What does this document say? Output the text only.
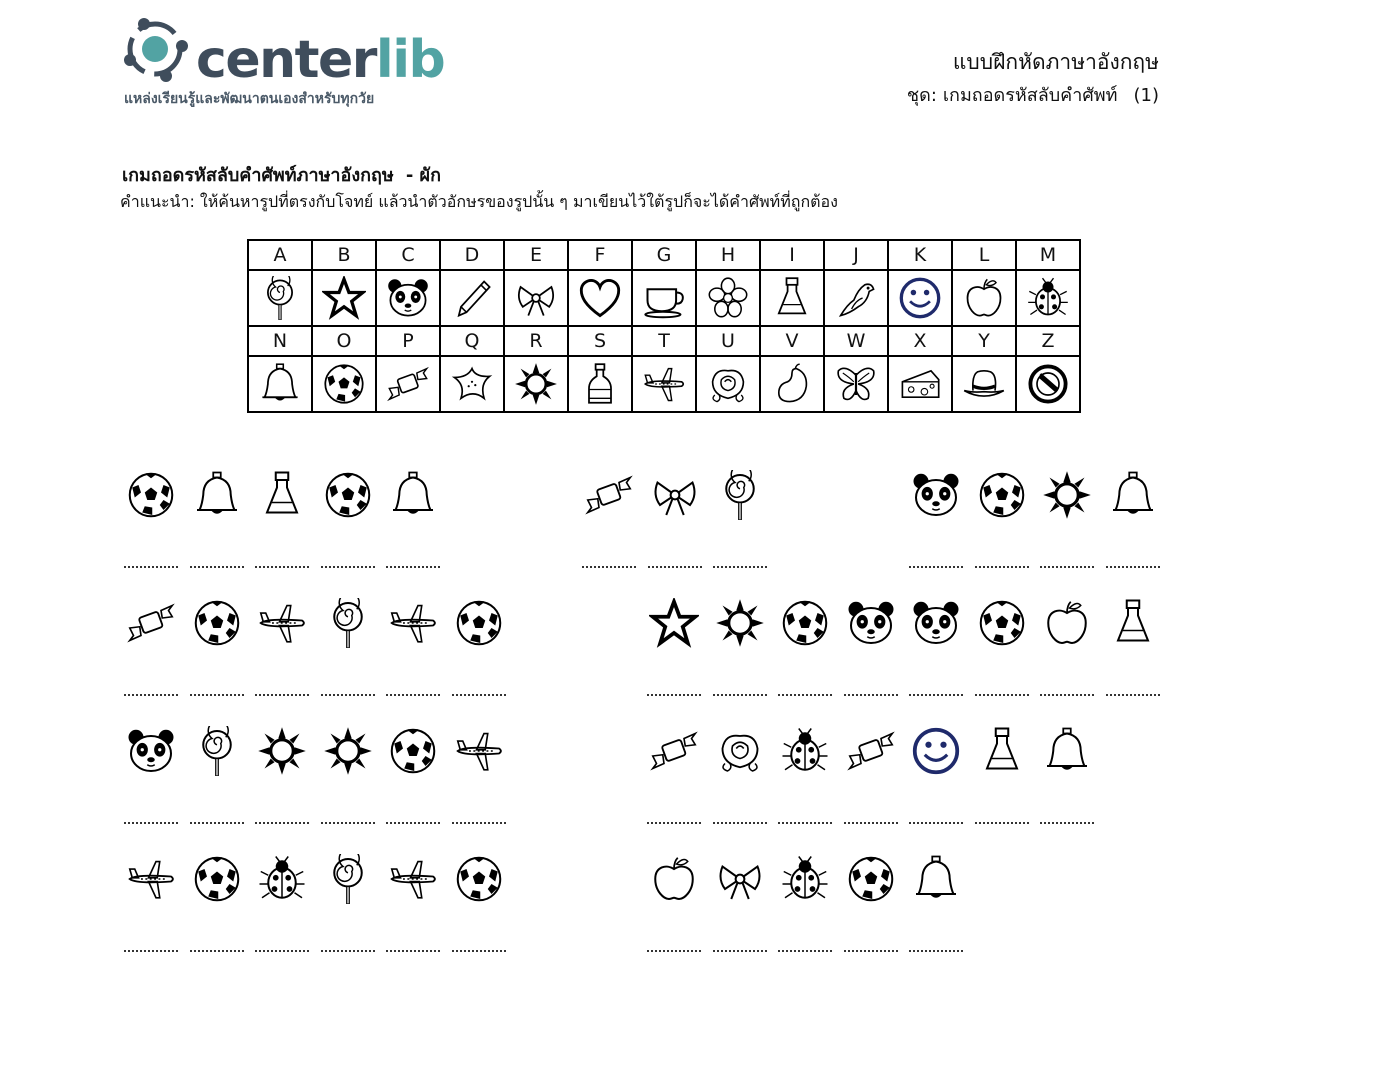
centerlib
แหล่งเรียนรู้และพัฒนาตนเองสำหรับทุกวัย
แบบฝึกหัดภาษาอังกฤษ
ชุด: เกมถอดรหัสลับคำศัพท์ (1)
เกมถอดรหัสลับคำศัพท์ภาษาอังกฤษ - ผัก
คำแนะนำ: ให้ค้นหารูปที่ตรงกับโจทย์ แล้วนำตัวอักษรของรูปนั้น ๆ มาเขียนไว้ใต้รูปก็จะได้คำศัพท์ที่ถูกต้อง
A	B	C	D	E	F	G	H	I	J	K	L	M

N	O	P	Q	R	S	T	U	V	W	X	Y	Z
